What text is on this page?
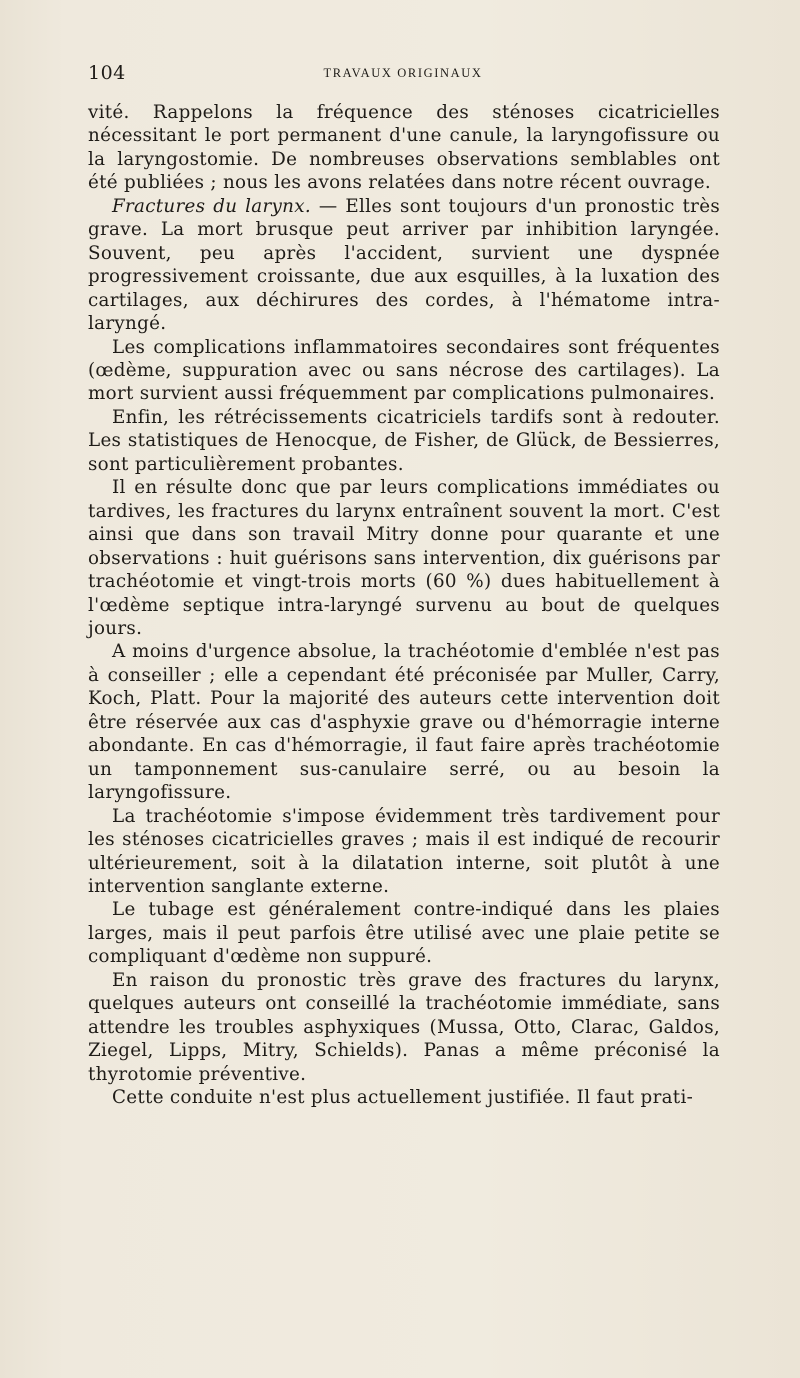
104	TRAVAUX ORIGINAUX

vité. Rappelons la fréquence des sténoses cicatricielles nécessitant le port permanent d'une canule, la laryngofissure ou la laryngostomie. De nombreuses observations semblables ont été publiées ; nous les avons relatées dans notre récent ouvrage.

Fractures du larynx. — Elles sont toujours d'un pronostic très grave. La mort brusque peut arriver par inhibition laryngée. Souvent, peu après l'accident, survient une dyspnée progressivement croissante, due aux esquilles, à la luxation des cartilages, aux déchirures des cordes, à l'hématome intra-laryngé.

Les complications inflammatoires secondaires sont fréquentes (œdème, suppuration avec ou sans nécrose des cartilages). La mort survient aussi fréquemment par complications pulmonaires.

Enfin, les rétrécissements cicatriciels tardifs sont à redouter. Les statistiques de Henocque, de Fisher, de Glück, de Bessierres, sont particulièrement probantes.

Il en résulte donc que par leurs complications immédiates ou tardives, les fractures du larynx entraînent souvent la mort. C'est ainsi que dans son travail Mitry donne pour quarante et une observations : huit guérisons sans intervention, dix guérisons par trachéotomie et vingt-trois morts (60 %) dues habituellement à l'œdème septique intra-laryngé survenu au bout de quelques jours.

A moins d'urgence absolue, la trachéotomie d'emblée n'est pas à conseiller ; elle a cependant été préconisée par Muller, Carry, Koch, Platt. Pour la majorité des auteurs cette intervention doit être réservée aux cas d'asphyxie grave ou d'hémorragie interne abondante. En cas d'hémorragie, il faut faire après trachéotomie un tamponnement sus-canulaire serré, ou au besoin la laryngofissure.

La trachéotomie s'impose évidemment très tardivement pour les sténoses cicatricielles graves ; mais il est indiqué de recourir ultérieurement, soit à la dilatation interne, soit plutôt à une intervention sanglante externe.

Le tubage est généralement contre-indiqué dans les plaies larges, mais il peut parfois être utilisé avec une plaie petite se compliquant d'œdème non suppuré.

En raison du pronostic très grave des fractures du larynx, quelques auteurs ont conseillé la trachéotomie immédiate, sans attendre les troubles asphyxiques (Mussa, Otto, Clarac, Galdos, Ziegel, Lipps, Mitry, Schields). Panas a même préconisé la thyrotomie préventive.

Cette conduite n'est plus actuellement justifiée. Il faut prati-
